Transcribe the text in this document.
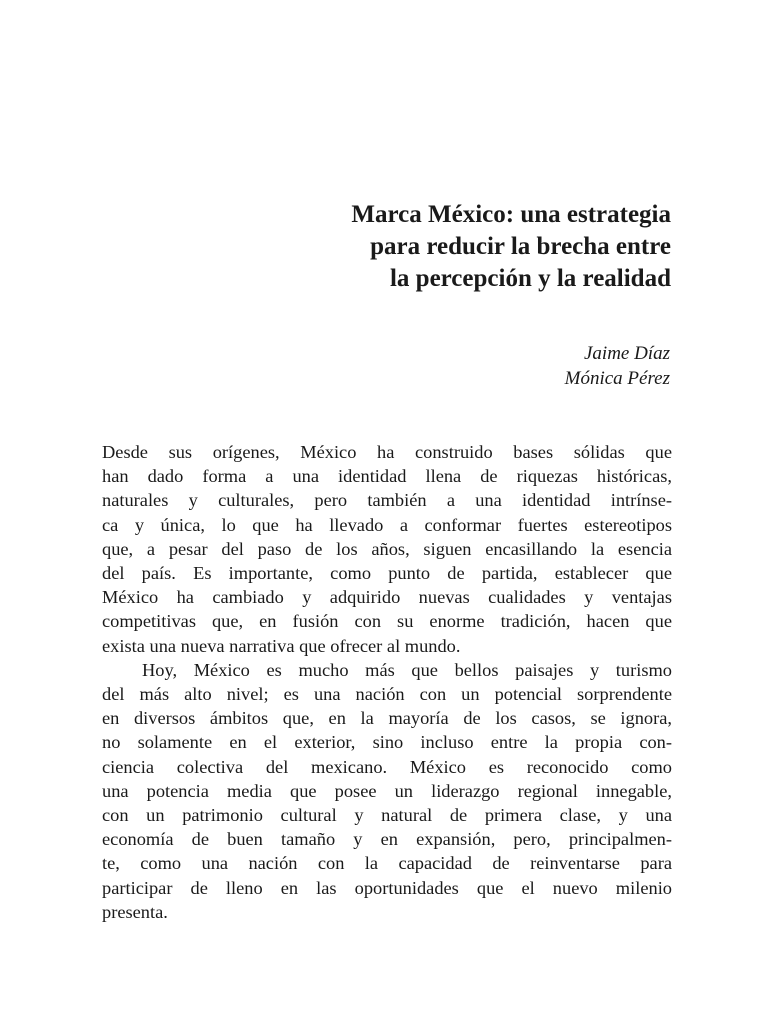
Marca México: una estrategia
para reducir la brecha entre
la percepción y la realidad
Jaime Díaz
Mónica Pérez

Desde sus orígenes, México ha construido bases sólidas que
han dado forma a una identidad llena de riquezas históricas,
naturales y culturales, pero también a una identidad intrínse-
ca y única, lo que ha llevado a conformar fuertes estereotipos
que, a pesar del paso de los años, siguen encasillando la esencia
del país. Es importante, como punto de partida, establecer que
México ha cambiado y adquirido nuevas cualidades y ventajas
competitivas que, en fusión con su enorme tradición, hacen que
exista una nueva narrativa que ofrecer al mundo.

Hoy, México es mucho más que bellos paisajes y turismo
del más alto nivel; es una nación con un potencial sorprendente
en diversos ámbitos que, en la mayoría de los casos, se ignora,
no solamente en el exterior, sino incluso entre la propia con-
ciencia colectiva del mexicano. México es reconocido como
una potencia media que posee un liderazgo regional innegable,
con un patrimonio cultural y natural de primera clase, y una
economía de buen tamaño y en expansión, pero, principalmen-
te, como una nación con la capacidad de reinventarse para
participar de lleno en las oportunidades que el nuevo milenio
presenta.
